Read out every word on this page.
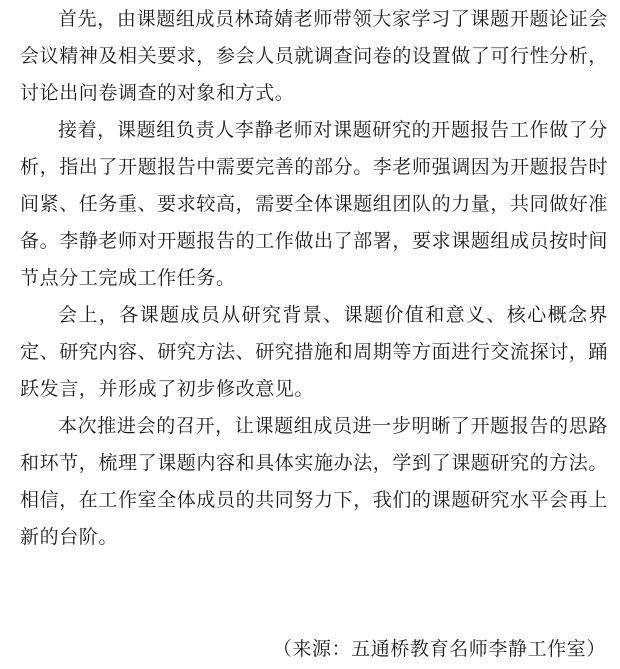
首先，由课题组成员林琦婧老师带领大家学习了课题开题论证会会议精神及相关要求，参会人员就调查问卷的设置做了可行性分析，讨论出问卷调查的对象和方式。

接着，课题组负责人李静老师对课题研究的开题报告工作做了分析，指出了开题报告中需要完善的部分。李老师强调因为开题报告时间紧、任务重、要求较高，需要全体课题组团队的力量，共同做好准备。李静老师对开题报告的工作做出了部署，要求课题组成员按时间节点分工完成工作任务。

会上，各课题成员从研究背景、课题价值和意义、核心概念界定、研究内容、研究方法、研究措施和周期等方面进行交流探讨，踊跃发言，并形成了初步修改意见。

本次推进会的召开，让课题组成员进一步明晰了开题报告的思路和环节，梳理了课题内容和具体实施办法，学到了课题研究的方法。相信，在工作室全体成员的共同努力下，我们的课题研究水平会再上新的台阶。

（来源：五通桥教育名师李静工作室）
